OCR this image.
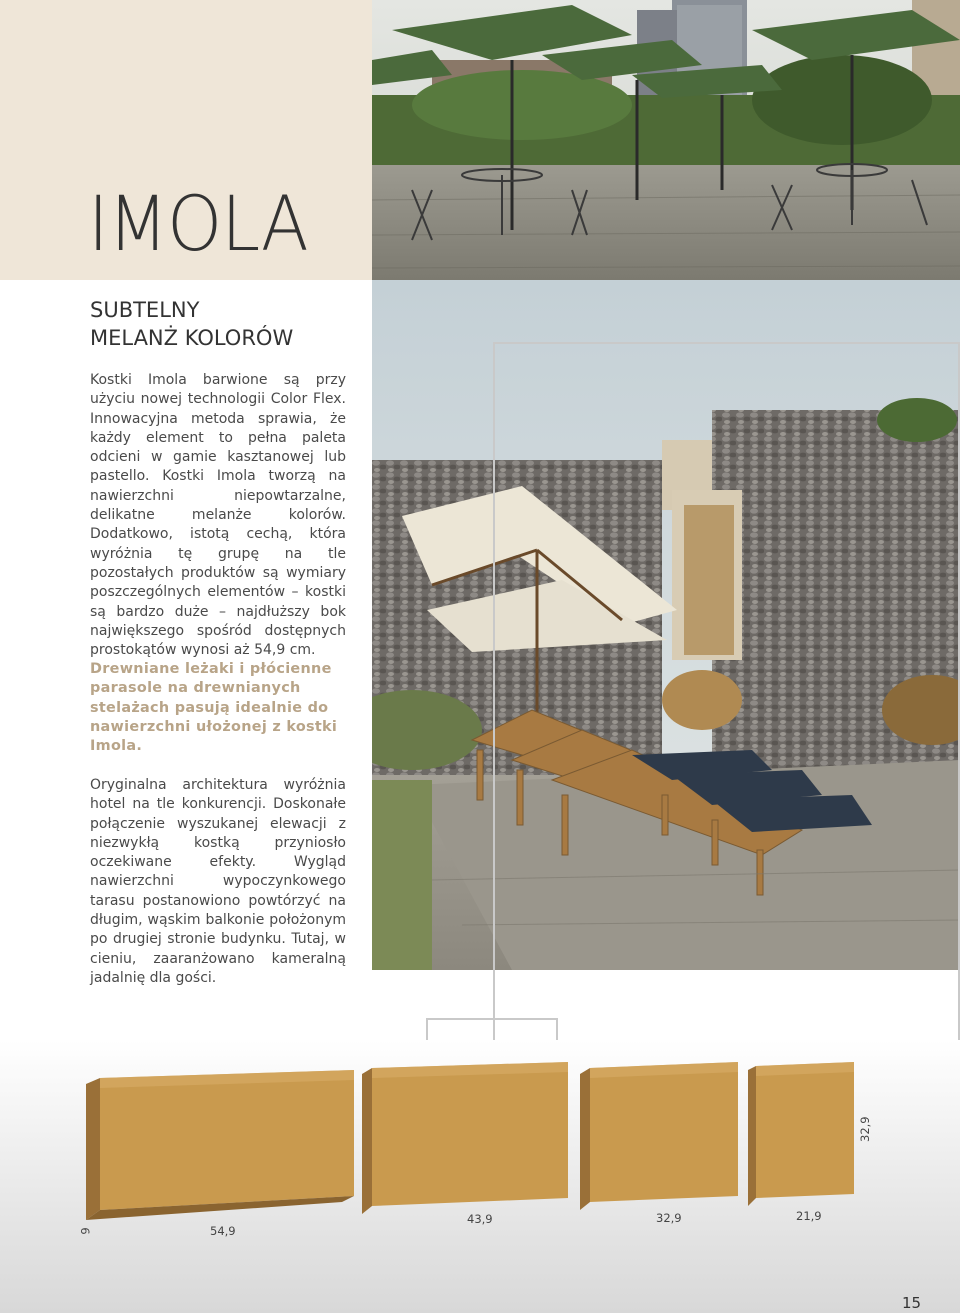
IMOLA
SUBTELNY
MELANŻ KOLORÓW

Kostki Imola barwione są przy użyciu nowej technologii Color Flex. Innowacyjna metoda sprawia, że każdy element to pełna paleta odcieni w gamie kasztanowej lub pastello. Kostki Imola tworzą na nawierzchni niepowtarzalne, delikatne melanże kolorów. Dodatkowo, istotą cechą, która wyróżnia tę grupę na tle pozostałych produktów są wymiary poszczególnych elementów – kostki są bardzo duże – najdłuższy bok największego spośród dostępnych prostokątów wynosi aż 54,9 cm.

Drewniane leżaki i płócienne parasole na drewnianych stelażach pasują idealnie do nawierzchni ułożonej z kostki Imola.

Oryginalna architektura wyróżnia hotel na tle konkurencji. Doskonałe połączenie wyszukanej elewacji z niezwykłą kostką przyniosło oczekiwane efekty. Wygląd nawierzchni wypoczynkowego tarasu postanowiono powtórzyć na długim, wąskim balkonie położonym po drugiej stronie budynku. Tutaj, w cieniu, zaaranżowano kameralną jadalnię dla gości.

9
32,9
54,9
43,9	32,9	21,9
15
